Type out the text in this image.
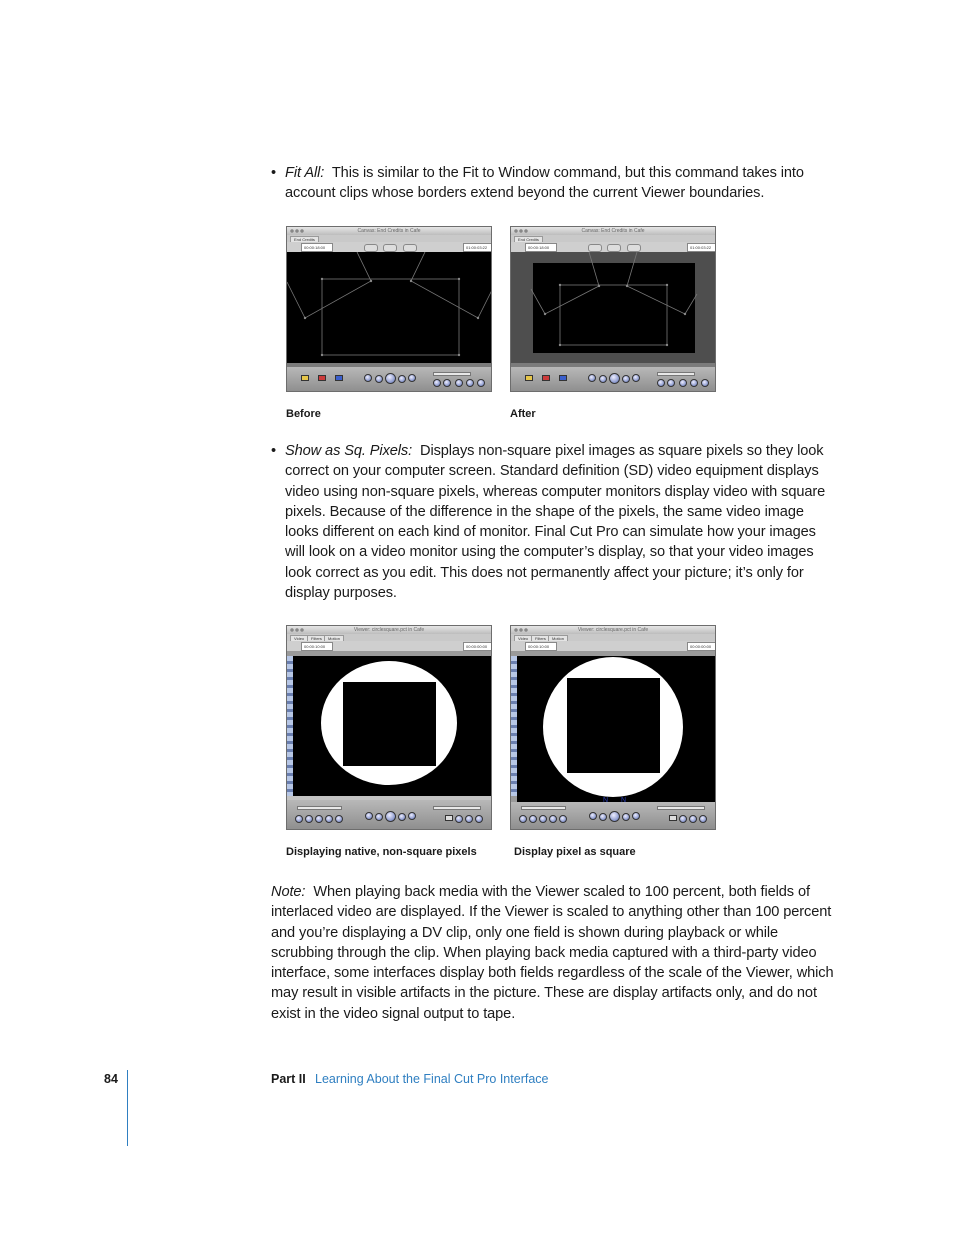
• Fit All: This is similar to the Fit to Window command, but this command takes into
account clips whose borders extend beyond the current Viewer boundaries.
Canvas: End Credits in Cafe
End Credits
00:00:18:00	01:00:03:22
Canvas: End Credits in Cafe
End Credits
00:00:18:00	01:00:03:22
Before	After
• Show as Sq. Pixels: Displays non-square pixel images as square pixels so they look
correct on your computer screen. Standard definition (SD) video equipment displays
video using non-square pixels, whereas computer monitors display video with square
pixels. Because of the difference in the shape of the pixels, the same video image
looks different on each kind of monitor. Final Cut Pro can simulate how your images
will look on a video monitor using the computer’s display, so that your video images
look correct as you edit. This does not permanently affect your picture; it’s only for
display purposes.
Viewer: circlesquare.pct in Cafe
Video	Filters	Motion
00:00:10:00	00:00:00:00
Viewer: circlesquare.pct in Cafe
Video	Filters	Motion
00:00:10:00	00:00:00:00
N N
Displaying native, non-square pixels	Display pixel as square
Note: When playing back media with the Viewer scaled to 100 percent, both fields of
interlaced video are displayed. If the Viewer is scaled to anything other than 100 percent
and you’re displaying a DV clip, only one field is shown during playback or while
scrubbing through the clip. When playing back media captured with a third-party video
interface, some interfaces display both fields regardless of the scale of the Viewer, which
may result in visible artifacts in the picture. These are display artifacts only, and do not
exist in the video signal output to tape.
84	Part II Learning About the Final Cut Pro Interface
